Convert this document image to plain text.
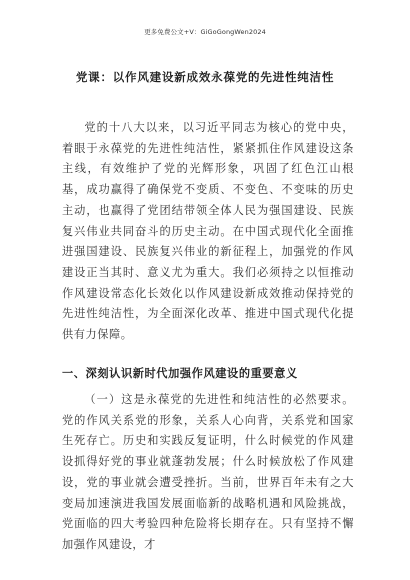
更多免费公文+V：GiGoGongWen2024
党课：以作风建设新成效永葆党的先进性纯洁性
党的十八大以来，以习近平同志为核心的党中央，着眼于永葆党的先进性纯洁性，紧紧抓住作风建设这条主线，有效维护了党的光辉形象，巩固了红色江山根基，成功赢得了确保党不变质、不变色、不变味的历史主动，也赢得了党团结带领全体人民为强国建设、民族复兴伟业共同奋斗的历史主动。在中国式现代化全面推进强国建设、民族复兴伟业的新征程上，加强党的作风建设正当其时、意义尤为重大。我们必须持之以恒推动作风建设常态化长效化以作风建设新成效推动保持党的先进性纯洁性，为全面深化改革、推进中国式现代化提供有力保障。
一、深刻认识新时代加强作风建设的重要意义
（一）这是永葆党的先进性和纯洁性的必然要求。党的作风关系党的形象，关系人心向背，关系党和国家生死存亡。历史和实践反复证明，什么时候党的作风建设抓得好党的事业就蓬勃发展；什么时候放松了作风建设，党的事业就会遭受挫折。当前，世界百年未有之大变局加速演进我国发展面临新的战略机遇和风险挑战，党面临的四大考验四种危险将长期存在。只有坚持不懈加强作风建设，才
